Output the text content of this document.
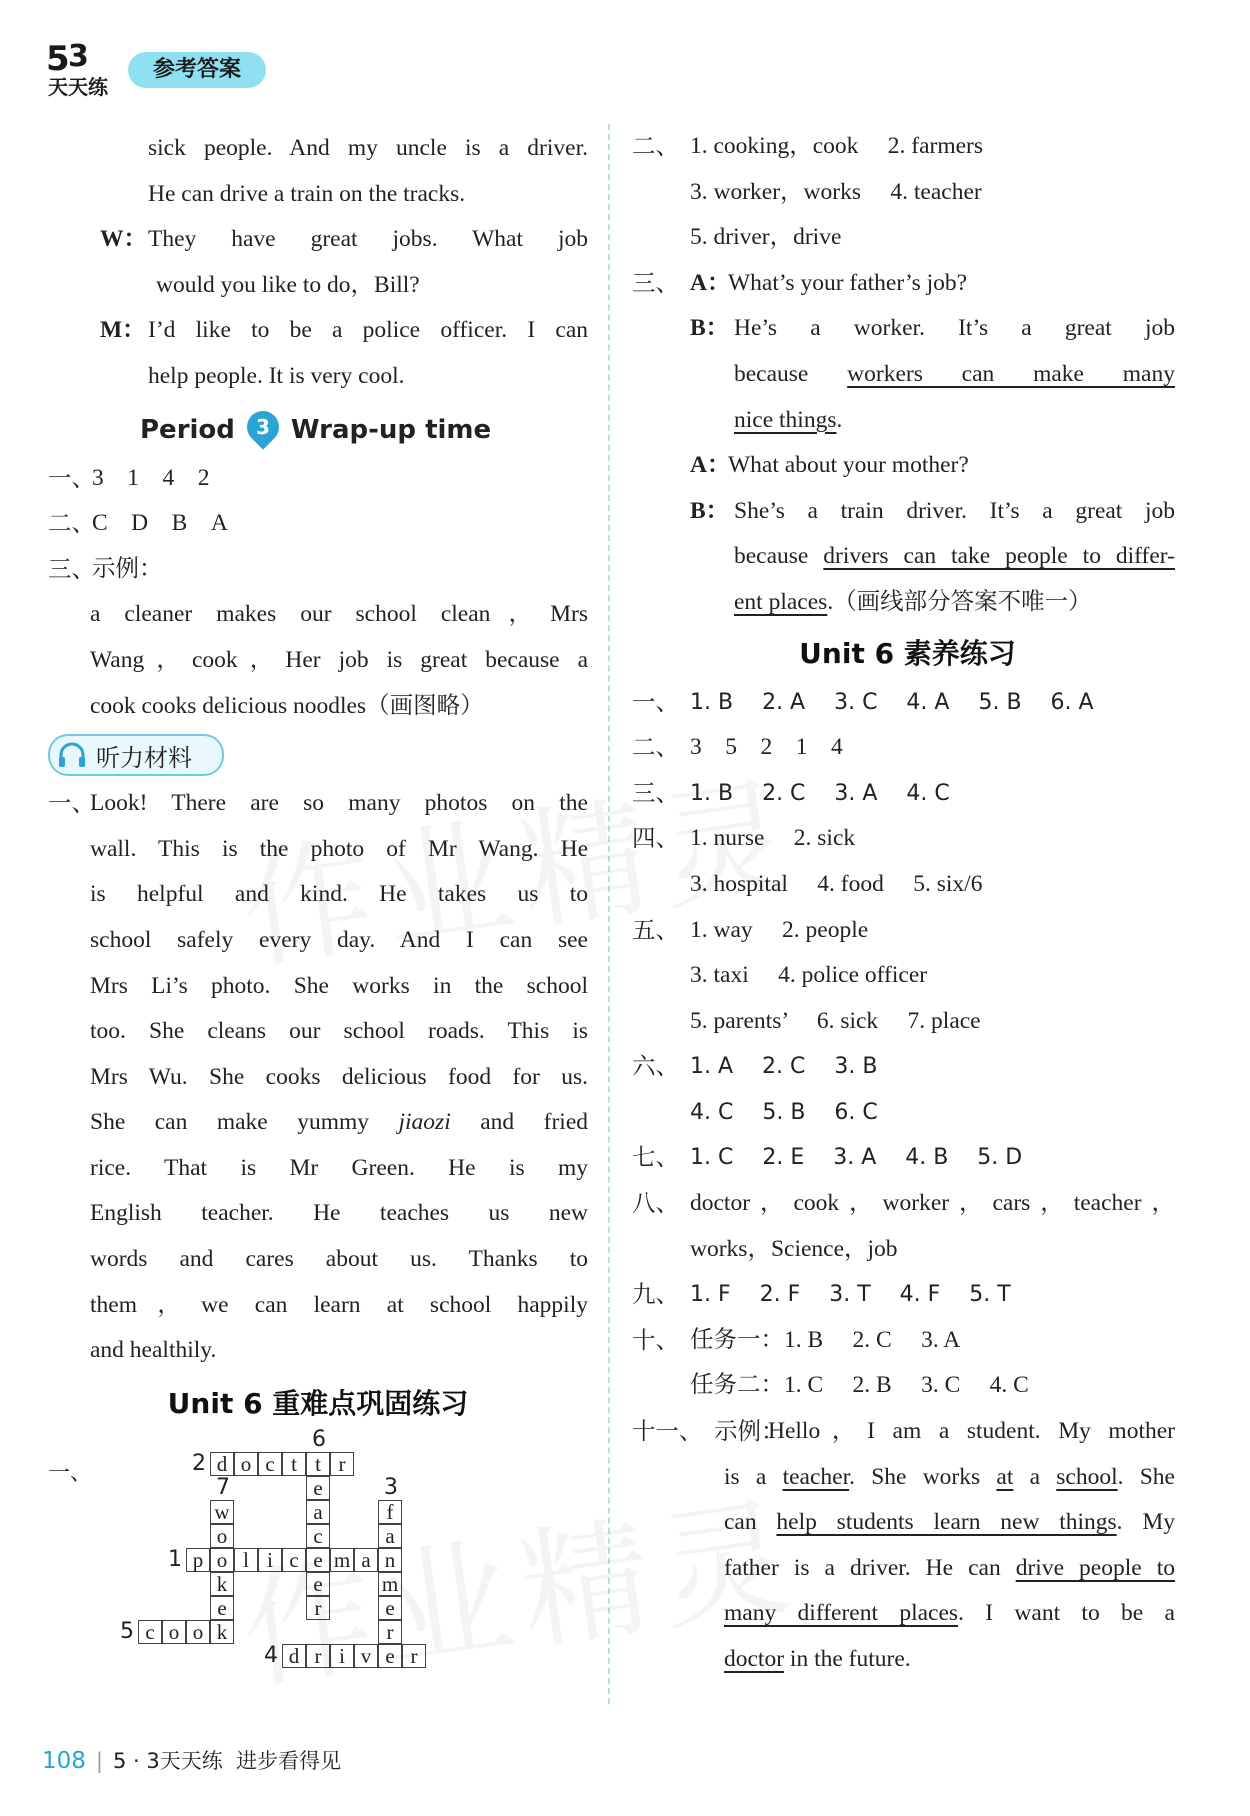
5
3
天天练
参考答案
sick people. And my uncle is a driver.
He can drive a train on the tracks.
W： They have great jobs. What job
would you like to do，Bill?
M： I’d like to be a police officer. I can
help people. It is very cool.
Period	3 Wrap-up time
一、
3　1　4　2
二、
C　D　B　A
三、
示例：
a cleaner makes our school clean，Mrs
Wang，cook，Her job is great because a
cook cooks delicious noodles（画图略）
听力材料
一、
Look! There are so many photos on the
wall. This is the photo of Mr Wang. He
is helpful and kind. He takes us to
school safely every day. And I can see
Mrs Li’s photo. She works in the school
too. She cleans our school roads. This is
Mrs Wu. She cooks delicious food for us.
She can make yummy jiaozi and fried
rice. That is Mr Green. He is my
English teacher. He teaches us new
words and cares about us. Thanks to
them，we can learn at school happily
and healthily.
Unit 6 重难点巩固练习
一、	d o c t t r
w
o
o
k
e
k
e
a
c
e
e
r
f
a
n
m
e
r
p	l i c	m a
c o o
d r i v e r
1
2
3
4
5
6
7
二、 1. cooking，cook　 2. farmers
3. worker，works　 4. teacher
5. driver，drive
三、 A：
What’s your father’s job?
B： He’s a worker. It’s a great job
because workers can make many
nice things.
A：
What about your mother?
B： She’s a train driver. It’s a great job
because drivers can take people to differ-
ent places.（画线部分答案不唯一）
Unit 6 素养练习
一、 1. B　 2. A　 3. C　 4. A　 5. B　 6. A
二、 3　5　2　1　4
三、 1. B　 2. C　 3. A　 4. C
四、 1. nurse　 2. sick
3. hospital　 4. food　 5. six/6
五、 1. way　 2. people
3. taxi　 4. police officer
5. parents’　 6. sick　 7. place
六、 1. A　 2. C　 3. B
4. C　 5. B　 6. C
七、 1. C　 2. E　 3. A　 4. B　 5. D
八、 doctor，cook，worker，cars，teacher，
works，Science，job
九、 1. F　 2. F　 3. T　 4. F　 5. T
十、 任务一：1. B　 2. C　 3. A
任务二：1. C　 2. B　 3. C　 4. C
十一、 示例：
Hello，I am a student. My mother
is a teacher. She works at a school. She
can help students learn new things. My
father is a driver. He can drive people to
many different places. I want to be a
doctor in the future.
108 | 5 · 3天天练 进步看得见
